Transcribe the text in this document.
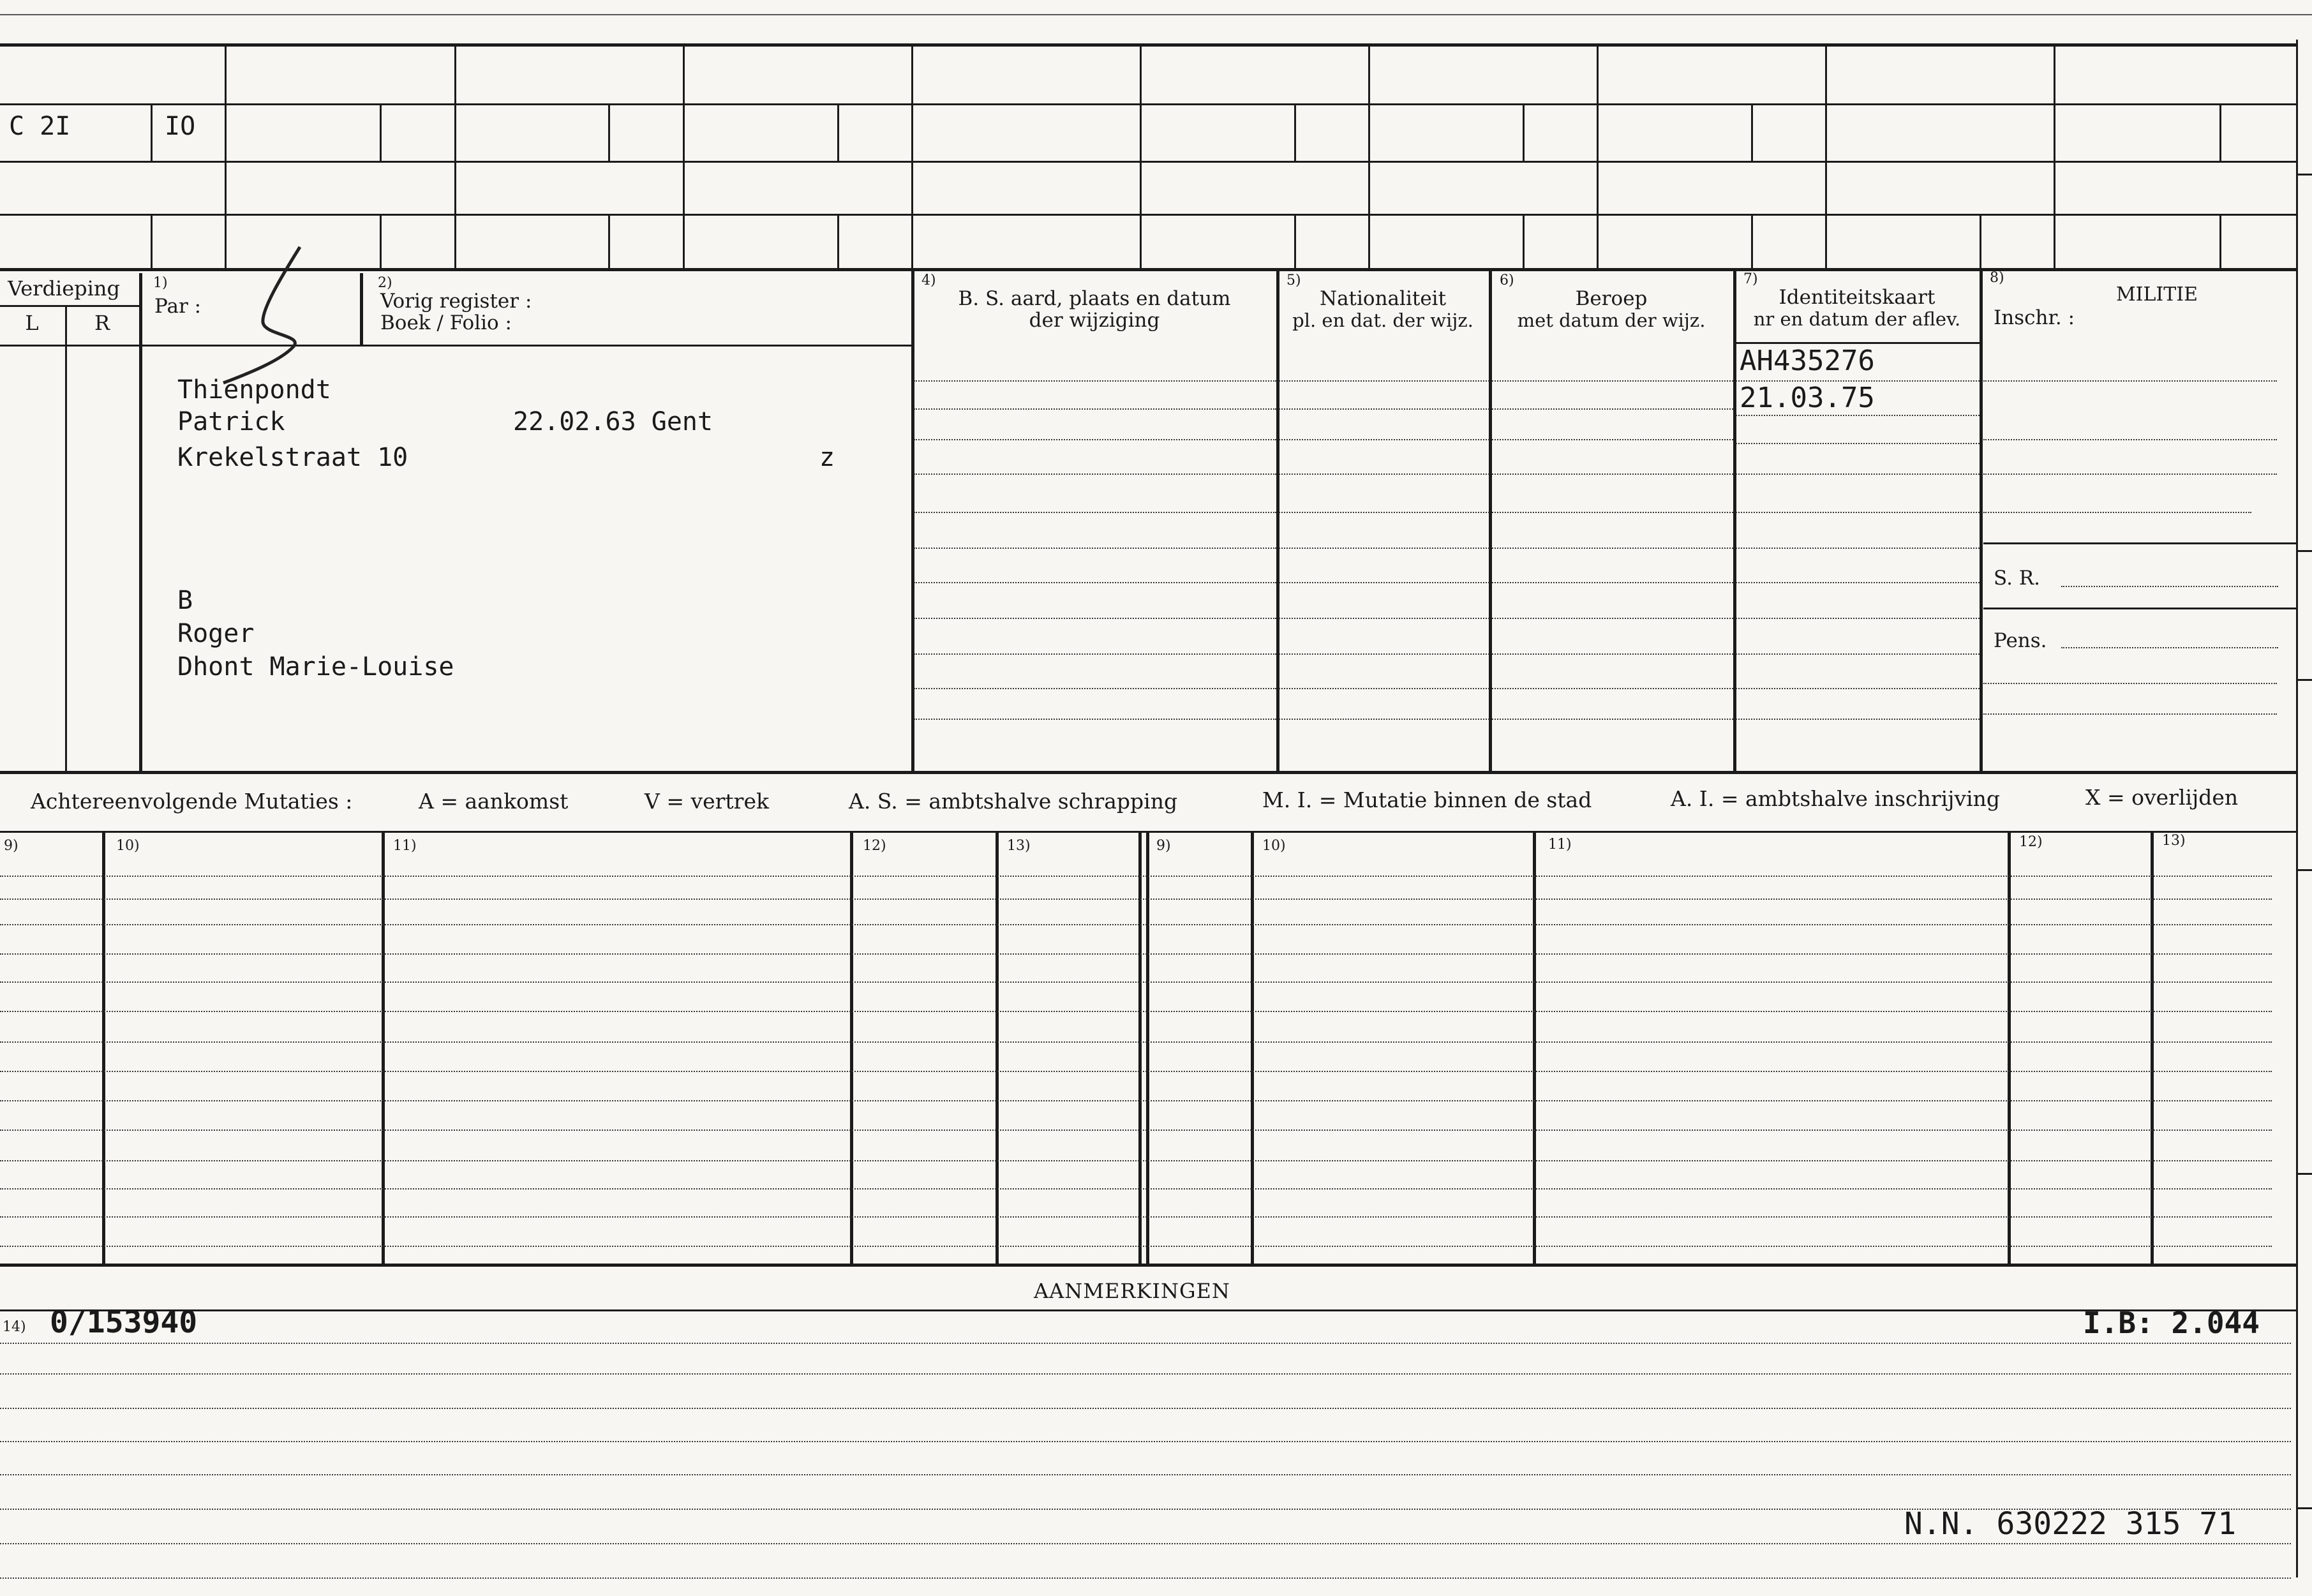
C 2I	IO
Verdieping
L	R
1)
Par :
2)
Vorig register :
Boek / Folio :
4)
B. S. aard, plaats en datum
der wijziging
5)
Nationaliteit
pl. en dat. der wijz.
6)
Beroep
met datum der wijz.
7)
Identiteitskaart
nr en datum der aflev.
8)
MILITIE
Inschr. :
Thienpondt
Patrick	22.02.63 Gent
Krekelstraat 10	z
B
Roger
Dhont Marie-Louise
AH435276
21.03.75
S. R.
Pens.
Achtereenvolgende Mutaties :	A = aankomst	V = vertrek	A. S. = ambtshalve schrapping	M. I. = Mutatie binnen de stad	A. I. = ambtshalve inschrijving	X = overlijden
9)	10)	11)	12)	13)	9)	10)	11)	12)	13)
AANMERKINGEN
14) 0/153940	I.B: 2.044
N.N. 630222 315 71
